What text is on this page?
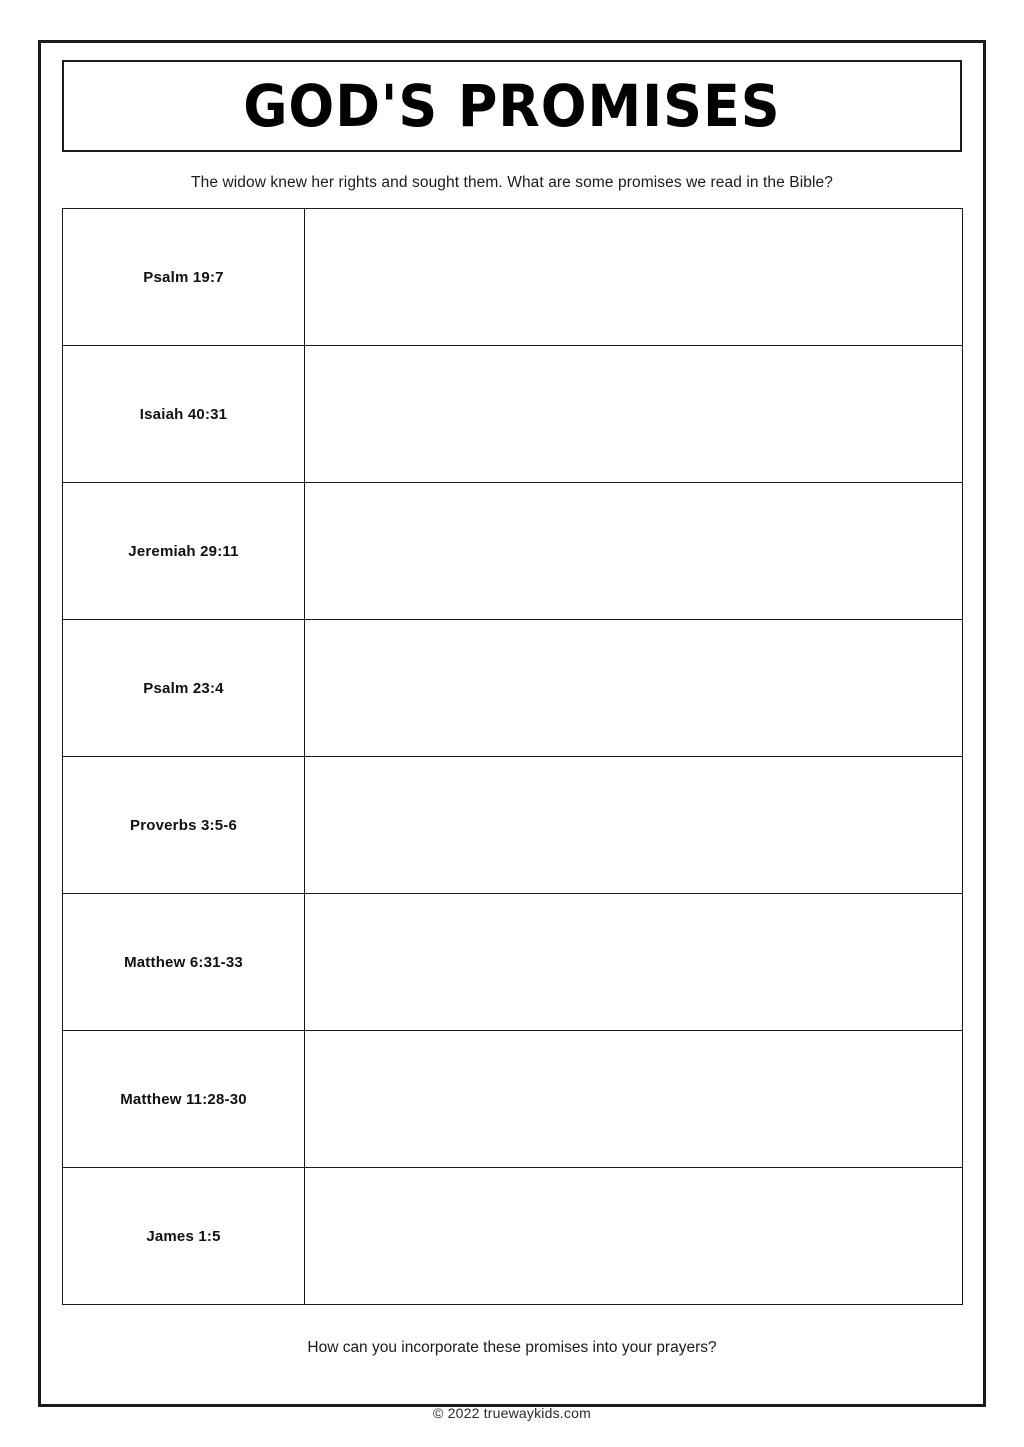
GOD'S PROMISES
The widow knew her rights and sought them. What are some promises we read in the Bible?
Psalm 19:7	
Isaiah 40:31	
Jeremiah 29:11	
Psalm 23:4	
Proverbs 3:5-6	
Matthew 6:31-33	
Matthew 11:28-30	
James 1:5	
How can you incorporate these promises into your prayers?
© 2022 truewaykids.com
